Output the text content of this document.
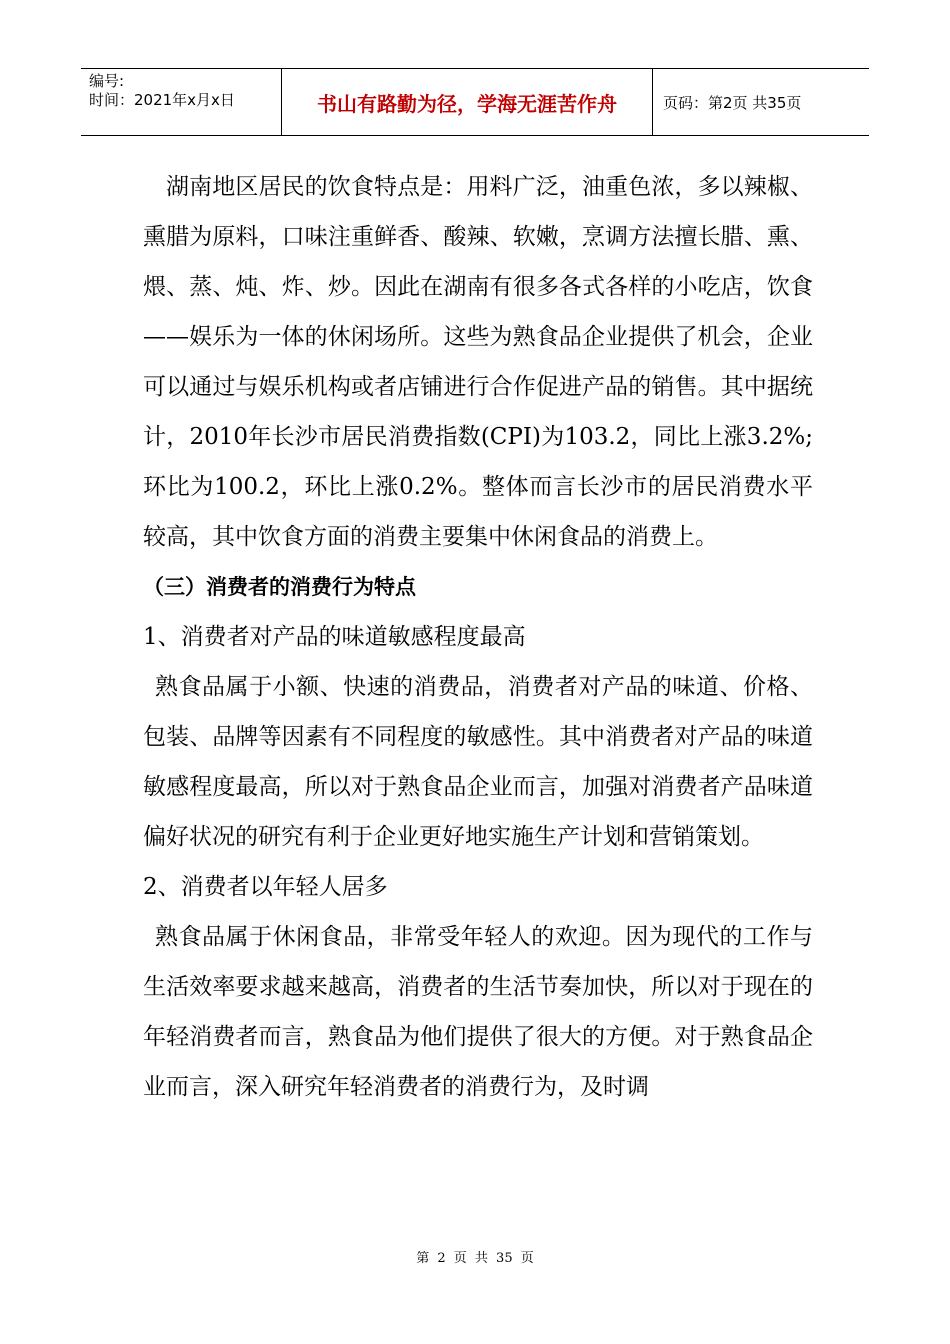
编号:
时间：2021年x月x日	书山有路勤为径，学海无涯苦作舟	页码：第2页 共35页

湖南地区居民的饮食特点是：用料广泛，油重色浓，多以辣椒、熏腊为原料，口味注重鲜香、酸辣、软嫩，烹调方法擅长腊、熏、煨、蒸、炖、炸、炒。因此在湖南有很多各式各样的小吃店，饮食——娱乐为一体的休闲场所。这些为熟食品企业提供了机会，企业可以通过与娱乐机构或者店铺进行合作促进产品的销售。其中据统计，2010年长沙市居民消费指数(CPI)为103.2，同比上涨3.2%;环比为100.2，环比上涨0.2%。整体而言长沙市的居民消费水平较高，其中饮食方面的消费主要集中休闲食品的消费上。

（三）消费者的消费行为特点

1、消费者对产品的味道敏感程度最高

熟食品属于小额、快速的消费品，消费者对产品的味道、价格、包装、品牌等因素有不同程度的敏感性。其中消费者对产品的味道敏感程度最高，所以对于熟食品企业而言，加强对消费者产品味道偏好状况的研究有利于企业更好地实施生产计划和营销策划。

2、消费者以年轻人居多

熟食品属于休闲食品，非常受年轻人的欢迎。因为现代的工作与生活效率要求越来越高，消费者的生活节奏加快，所以对于现在的年轻消费者而言，熟食品为他们提供了很大的方便。对于熟食品企业而言，深入研究年轻消费者的消费行为，及时调

第 2 页 共 35 页
